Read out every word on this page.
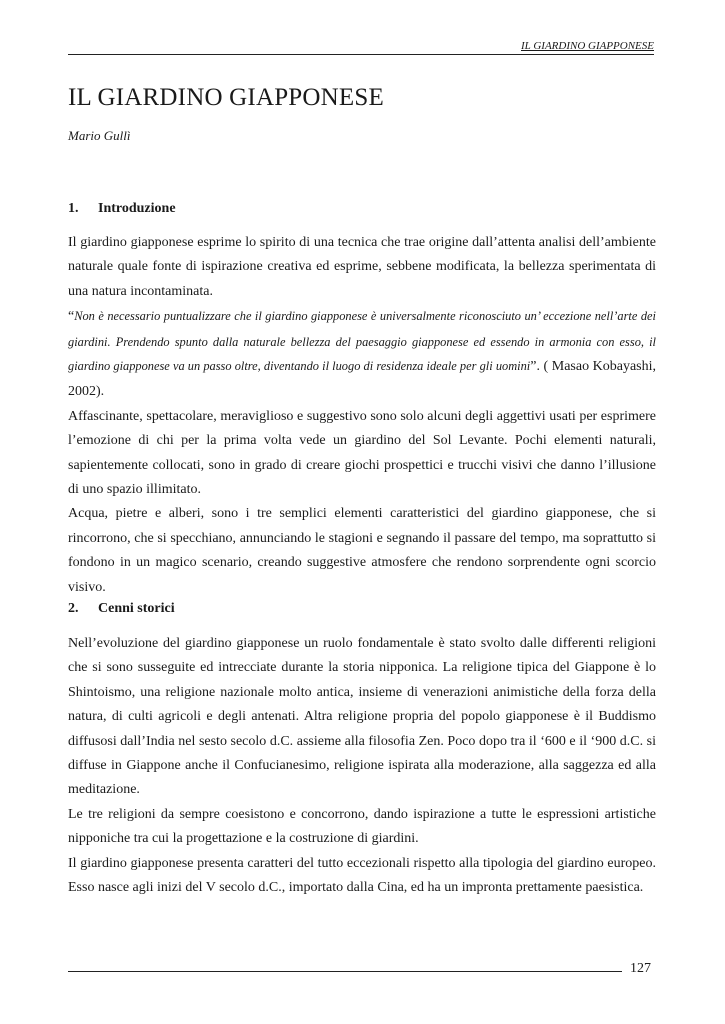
IL GIARDINO GIAPPONESE
IL GIARDINO GIAPPONESE
Mario Gullì
1. Introduzione

Il giardino giapponese esprime lo spirito di una tecnica che trae origine dall’attenta analisi dell’ambiente naturale quale fonte di ispirazione creativa ed esprime, sebbene modificata, la bellezza sperimentata di una natura incontaminata.

“Non è necessario puntualizzare che il giardino giapponese è universalmente riconosciuto un’ eccezione nell’arte dei giardini. Prendendo spunto dalla naturale bellezza del paesaggio giapponese ed essendo in armonia con esso, il giardino giapponese va un passo oltre, diventando il luogo di residenza ideale per gli uomini”. ( Masao Kobayashi, 2002).

Affascinante, spettacolare, meraviglioso e suggestivo sono solo alcuni degli aggettivi usati per esprimere l’emozione di chi per la prima volta vede un giardino del Sol Levante. Pochi elementi naturali, sapientemente collocati, sono in grado di creare giochi prospettici e trucchi visivi che danno l’illusione di uno spazio illimitato.

Acqua, pietre e alberi, sono i tre semplici elementi caratteristici del giardino giapponese, che si rincorrono, che si specchiano, annunciando le stagioni e segnando il passare del tempo, ma soprattutto si fondono in un magico scenario, creando suggestive atmosfere che rendono sorprendente ogni scorcio visivo.

2. Cenni storici

Nell’evoluzione del giardino giapponese un ruolo fondamentale è stato svolto dalle differenti religioni che si sono susseguite ed intrecciate durante la storia nipponica. La religione tipica del Giappone è lo Shintoismo, una religione nazionale molto antica, insieme di venerazioni animistiche della forza della natura, di culti agricoli e degli antenati. Altra religione propria del popolo giapponese è il Buddismo diffusosi dall’India nel sesto secolo d.C. assieme alla filosofia Zen. Poco dopo tra il ‘600 e il ‘900 d.C. si diffuse in Giappone anche il Confucianesimo, religione ispirata alla moderazione, alla saggezza ed alla meditazione.

Le tre religioni da sempre coesistono e concorrono, dando ispirazione a tutte le espressioni artistiche nipponiche tra cui la progettazione e la costruzione di giardini.

Il giardino giapponese presenta caratteri del tutto eccezionali rispetto alla tipologia del giardino europeo. Esso nasce agli inizi del V secolo d.C., importato dalla Cina, ed ha un impronta prettamente paesistica.

127
